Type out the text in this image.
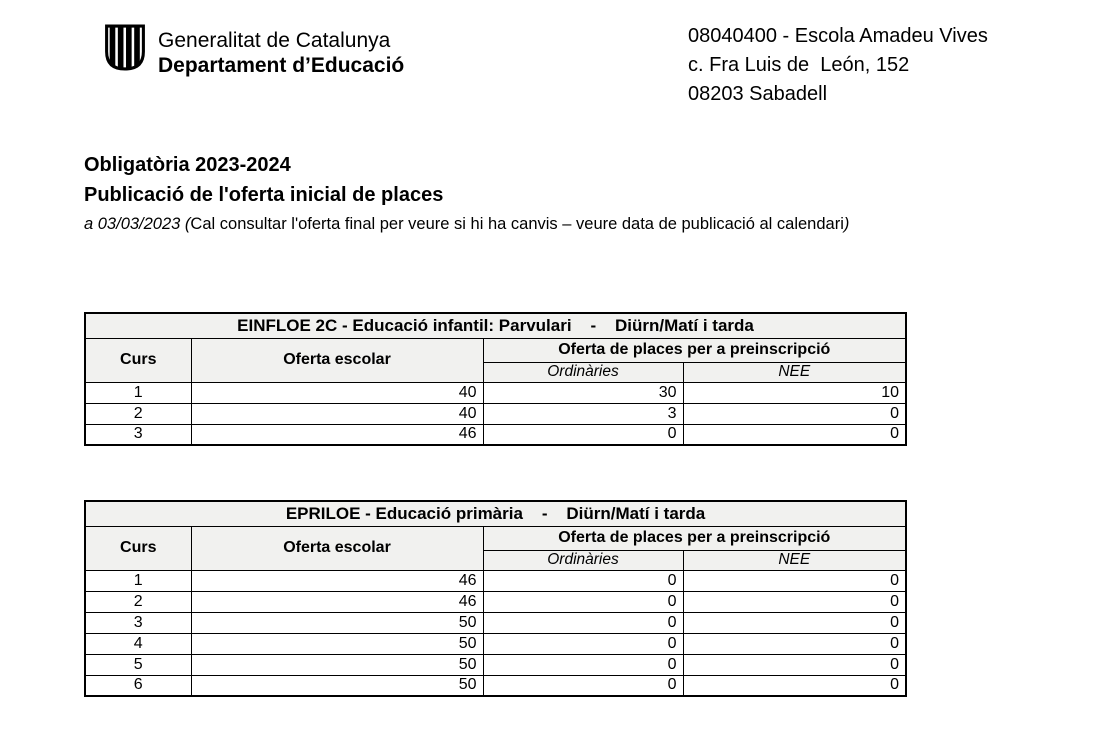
Generalitat de Catalunya
Departament d’Educació
08040400 - Escola Amadeu Vives
c. Fra Luis de  León, 152
08203 Sabadell
Obligatòria 2023-2024
Publicació de l'oferta inicial de places
a 03/03/2023 (Cal consultar l'oferta final per veure si hi ha canvis – veure data de publicació al calendari)
EINFLOE 2C - Educació infantil: Parvulari    -    Diürn/Matí i tarda			
Curs	Oferta escolar	Oferta de places per a preinscripció	
		Ordinàries	NEE
1	40	30	10
2	40	3	0
3	46	0	0
EPRILOE - Educació primària    -    Diürn/Matí i tarda			
Curs	Oferta escolar	Oferta de places per a preinscripció	
		Ordinàries	NEE
1	46	0	0
2	46	0	0
3	50	0	0
4	50	0	0
5	50	0	0
6	50	0	0
